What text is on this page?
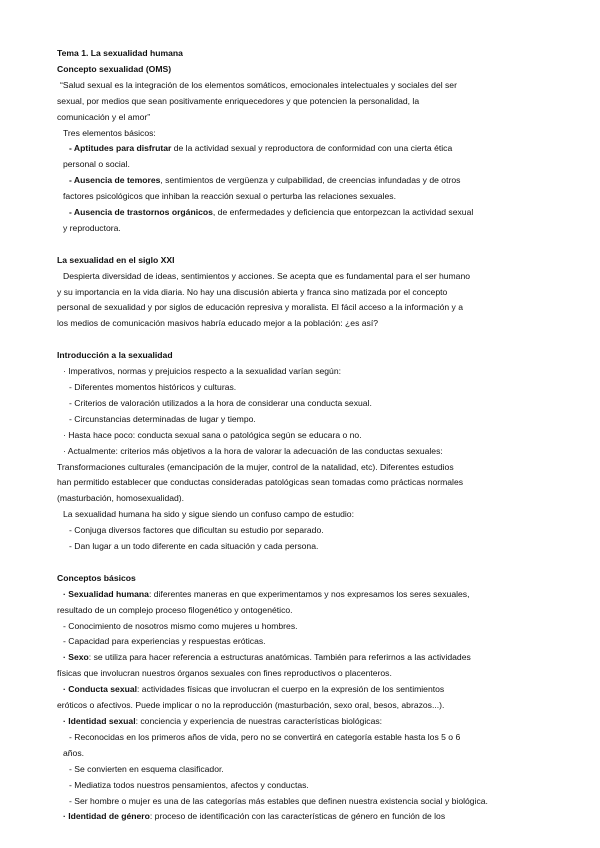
Tema 1. La sexualidad humana
Concepto sexualidad (OMS)
“Salud sexual es la integración de los elementos somáticos, emocionales intelectuales y sociales del ser
sexual, por medios que sean positivamente enriquecedores y que potencien la personalidad, la
comunicación y el amor”
Tres elementos básicos:
- Aptitudes para disfrutar de la actividad sexual y reproductora de conformidad con una cierta ética
personal o social.
- Ausencia de temores, sentimientos de vergüenza y culpabilidad, de creencias infundadas y de otros
factores psicológicos que inhiban la reacción sexual o perturba las relaciones sexuales.
- Ausencia de trastornos orgánicos, de enfermedades y deficiencia que entorpezcan la actividad sexual
y reproductora.
La sexualidad en el siglo XXI
Despierta diversidad de ideas, sentimientos y acciones. Se acepta que es fundamental para el ser humano
y su importancia en la vida diaria. No hay una discusión abierta y franca sino matizada por el concepto
personal de sexualidad y por siglos de educación represiva y moralista. El fácil acceso a la información y a
los medios de comunicación masivos habría educado mejor a la población: ¿es así?
Introducción a la sexualidad
· Imperativos, normas y prejuicios respecto a la sexualidad varían según:
- Diferentes momentos históricos y culturas.
- Criterios de valoración utilizados a la hora de considerar una conducta sexual.
- Circunstancias determinadas de lugar y tiempo.
· Hasta hace poco: conducta sexual sana o patológica según se educara o no.
· Actualmente: criterios más objetivos a la hora de valorar la adecuación de las conductas sexuales:
Transformaciones culturales (emancipación de la mujer, control de la natalidad, etc). Diferentes estudios
han permitido establecer que conductas consideradas patológicas sean tomadas como prácticas normales
(masturbación, homosexualidad).
La sexualidad humana ha sido y sigue siendo un confuso campo de estudio:
- Conjuga diversos factores que dificultan su estudio por separado.
- Dan lugar a un todo diferente en cada situación y cada persona.
Conceptos básicos
· Sexualidad humana: diferentes maneras en que experimentamos y nos expresamos los seres sexuales,
resultado de un complejo proceso filogenético y ontogenético.
- Conocimiento de nosotros mismo como mujeres u hombres.
- Capacidad para experiencias y respuestas eróticas.
· Sexo: se utiliza para hacer referencia a estructuras anatómicas. También para referirnos a las actividades
físicas que involucran nuestros órganos sexuales con fines reproductivos o placenteros.
· Conducta sexual: actividades físicas que involucran el cuerpo en la expresión de los sentimientos
eróticos o afectivos. Puede implicar o no la reproducción (masturbación, sexo oral, besos, abrazos...).
· Identidad sexual: conciencia y experiencia de nuestras características biológicas:
- Reconocidas en los primeros años de vida, pero no se convertirá en categoría estable hasta los 5 o 6
años.
- Se convierten en esquema clasificador.
- Mediatiza todos nuestros pensamientos, afectos y conductas.
- Ser hombre o mujer es una de las categorías más estables que definen nuestra existencia social y biológica.
· Identidad de género: proceso de identificación con las características de género en función de los
